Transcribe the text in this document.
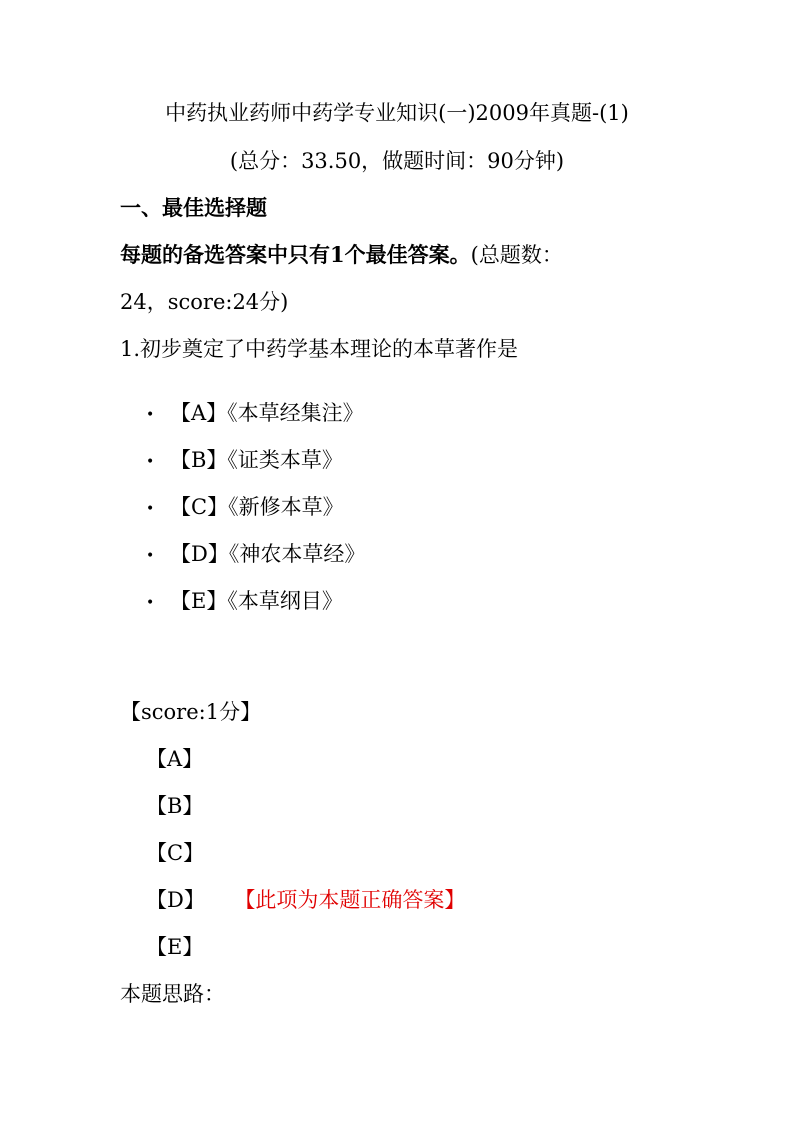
中药执业药师中药学专业知识(一)2009年真题-(1)
(总分：33.50，做题时间：90分钟)
一、最佳选择题
每题的备选答案中只有1个最佳答案。(总题数：
24，score:24分)
1.初步奠定了中药学基本理论的本草著作是
• 【A】《本草经集注》
• 【B】《证类本草》
• 【C】《新修本草》
• 【D】《神农本草经》
• 【E】《本草纲目》
【score:1分】
【A】
【B】
【C】
【D】 【此项为本题正确答案】
【E】
本题思路：
